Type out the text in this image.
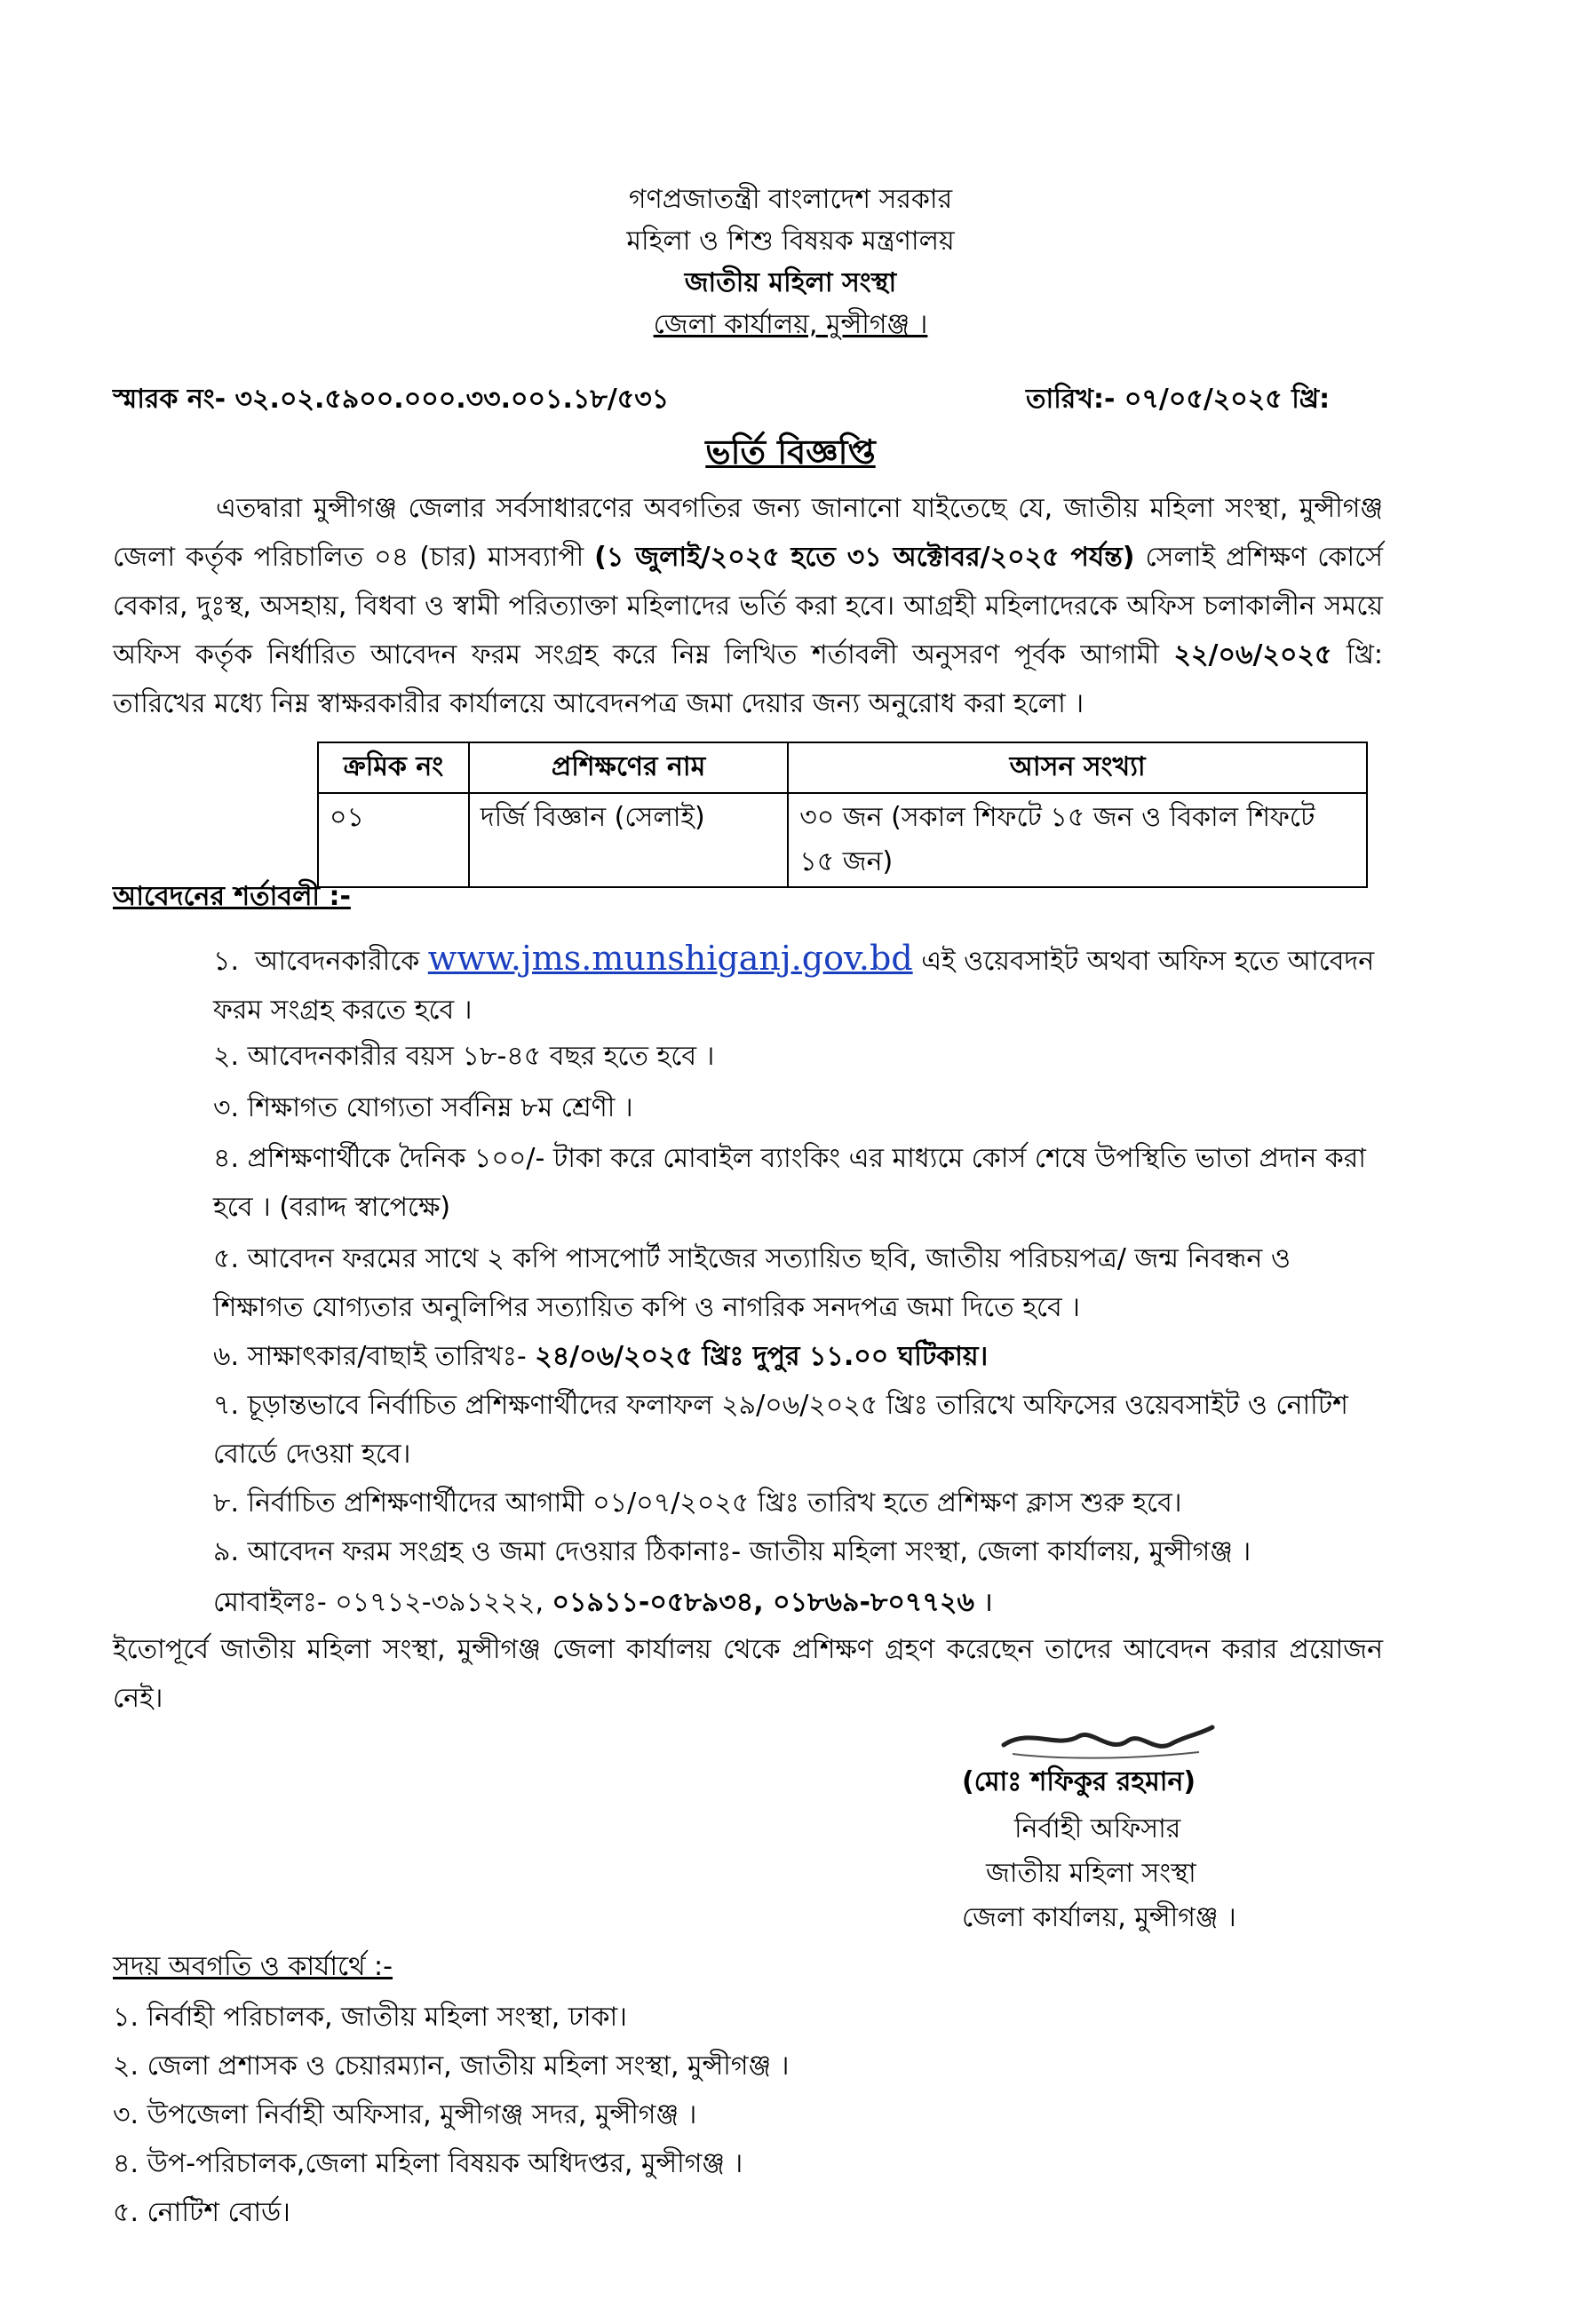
গণপ্রজাতন্ত্রী বাংলাদেশ সরকার
মহিলা ও শিশু বিষয়ক মন্ত্রণালয়
জাতীয় মহিলা সংস্থা
জেলা কার্যালয়, মুন্সীগঞ্জ ।
স্মারক নং- ৩২.০২.৫৯০০.০০০.৩৩.০০১.১৮/৫৩১	তারিখ:- ০৭/০৫/২০২৫ খ্রি:
ভর্তি বিজ্ঞপ্তি
এতদ্বারা মুন্সীগঞ্জ জেলার সর্বসাধারণের অবগতির জন্য জানানো যাইতেছে যে, জাতীয় মহিলা সংস্থা, মুন্সীগঞ্জ জেলা কর্তৃক পরিচালিত ০৪ (চার) মাসব্যাপী (১ জুলাই/২০২৫ হতে ৩১ অক্টোবর/২০২৫ পর্যন্ত) সেলাই প্রশিক্ষণ কোর্সে বেকার, দুঃস্থ, অসহায়, বিধবা ও স্বামী পরিত্যাক্তা মহিলাদের ভর্তি করা হবে। আগ্রহী মহিলাদেরকে অফিস চলাকালীন সময়ে অফিস কর্তৃক নির্ধারিত আবেদন ফরম সংগ্রহ করে নিম্ন লিখিত শর্তাবলী অনুসরণ পূর্বক আগামী ২২/০৬/২০২৫ খ্রি: তারিখের মধ্যে নিম্ন স্বাক্ষরকারীর কার্যালয়ে আবেদনপত্র জমা দেয়ার জন্য অনুরোধ করা হলো ।
ক্রমিক নং	প্রশিক্ষণের নাম	আসন সংখ্যা
০১	দর্জি বিজ্ঞান (সেলাই)	৩০ জন (সকাল শিফটে ১৫ জন ও বিকাল শিফটে ১৫ জন)
আবেদনের শর্তাবলী :-
১. আবেদনকারীকে www.jms.munshiganj.gov.bd এই ওয়েবসাইট অথবা অফিস হতে আবেদন ফরম সংগ্রহ করতে হবে ।
২. আবেদনকারীর বয়স ১৮-৪৫ বছর হতে হবে ।
৩. শিক্ষাগত যোগ্যতা সর্বনিম্ন ৮ম শ্রেণী ।
৪. প্রশিক্ষণার্থীকে দৈনিক ১০০/- টাকা করে মোবাইল ব্যাংকিং এর মাধ্যমে কোর্স শেষে উপস্থিতি ভাতা প্রদান করা হবে । (বরাদ্দ স্বাপেক্ষে)
৫. আবেদন ফরমের সাথে ২ কপি পাসপোর্ট সাইজের সত্যায়িত ছবি, জাতীয় পরিচয়পত্র/ জন্ম নিবন্ধন ও শিক্ষাগত যোগ্যতার অনুলিপির সত্যায়িত কপি ও নাগরিক সনদপত্র জমা দিতে হবে ।
৬. সাক্ষাৎকার/বাছাই তারিখঃ- ২৪/০৬/২০২৫ খ্রিঃ দুপুর ১১.০০ ঘটিকায়।
৭. চূড়ান্তভাবে নির্বাচিত প্রশিক্ষণার্থীদের ফলাফল ২৯/০৬/২০২৫ খ্রিঃ তারিখে অফিসের ওয়েবসাইট ও নোটিশ বোর্ডে দেওয়া হবে।
৮. নির্বাচিত প্রশিক্ষণার্থীদের আগামী ০১/০৭/২০২৫ খ্রিঃ তারিখ হতে প্রশিক্ষণ ক্লাস শুরু হবে।
৯. আবেদন ফরম সংগ্রহ ও জমা দেওয়ার ঠিকানাঃ- জাতীয় মহিলা সংস্থা, জেলা কার্যালয়, মুন্সীগঞ্জ ।
মোবাইলঃ- ০১৭১২-৩৯১২২২, ০১৯১১-০৫৮৯৩৪, ০১৮৬৯-৮০৭৭২৬ ।
ইতোপূর্বে জাতীয় মহিলা সংস্থা, মুন্সীগঞ্জ জেলা কার্যালয় থেকে প্রশিক্ষণ গ্রহণ করেছেন তাদের আবেদন করার প্রয়োজন নেই।
(মোঃ শফিকুর রহমান)
নির্বাহী অফিসার
জাতীয় মহিলা সংস্থা
জেলা কার্যালয়, মুন্সীগঞ্জ ।
সদয় অবগতি ও কার্যার্থে :-
১. নির্বাহী পরিচালক, জাতীয় মহিলা সংস্থা, ঢাকা।
২. জেলা প্রশাসক ও চেয়ারম্যান, জাতীয় মহিলা সংস্থা, মুন্সীগঞ্জ ।
৩. উপজেলা নির্বাহী অফিসার, মুন্সীগঞ্জ সদর, মুন্সীগঞ্জ ।
৪. উপ-পরিচালক,জেলা মহিলা বিষয়ক অধিদপ্তর, মুন্সীগঞ্জ ।
৫. নোটিশ বোর্ড।
